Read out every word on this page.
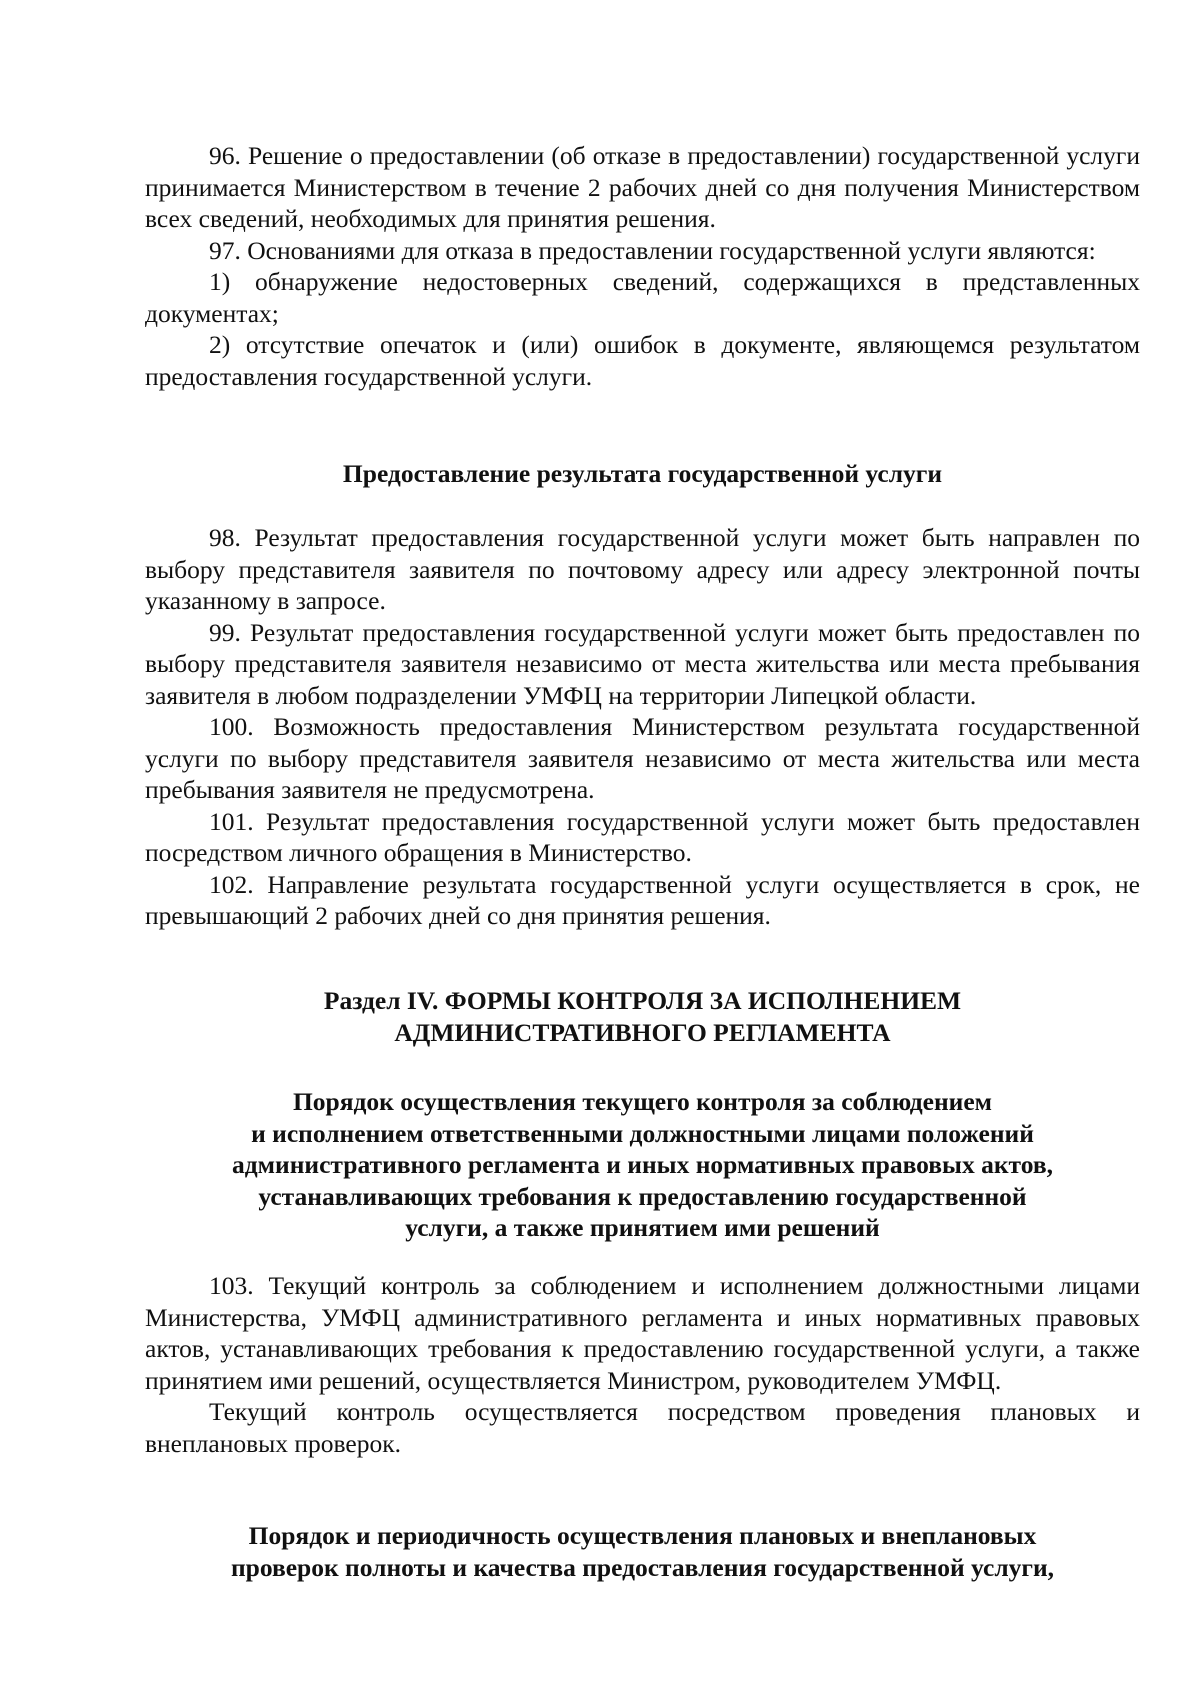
96. Решение о предоставлении (об отказе в предоставлении) государственной услуги принимается Министерством в течение 2 рабочих дней со дня получения Министерством всех сведений, необходимых для принятия решения.

97. Основаниями для отказа в предоставлении государственной услуги являются:

1) обнаружение недостоверных сведений, содержащихся в представленных документах;

2) отсутствие опечаток и (или) ошибок в документе, являющемся результатом предоставления государственной услуги.

Предоставление результата государственной услуги

98. Результат предоставления государственной услуги может быть направлен по выбору представителя заявителя по почтовому адресу или адресу электронной почты указанному в запросе.

99. Результат предоставления государственной услуги может быть предоставлен по выбору представителя заявителя независимо от места жительства или места пребывания заявителя в любом подразделении УМФЦ на территории Липецкой области.

100. Возможность предоставления Министерством результата государственной услуги по выбору представителя заявителя независимо от места жительства или места пребывания заявителя не предусмотрена.

101. Результат предоставления государственной услуги может быть предоставлен посредством личного обращения в Министерство.

102. Направление результата государственной услуги осуществляется в срок, не превышающий 2 рабочих дней со дня принятия решения.

Раздел IV. ФОРМЫ КОНТРОЛЯ ЗА ИСПОЛНЕНИЕМ
АДМИНИСТРАТИВНОГО РЕГЛАМЕНТА
Порядок осуществления текущего контроля за соблюдением
и исполнением ответственными должностными лицами положений
административного регламента и иных нормативных правовых актов,
устанавливающих требования к предоставлению государственной
услуги, а также принятием ими решений

103. Текущий контроль за соблюдением и исполнением должностными лицами Министерства, УМФЦ административного регламента и иных нормативных правовых актов, устанавливающих требования к предоставлению государственной услуги, а также принятием ими решений, осуществляется Министром, руководителем УМФЦ.

Текущий контроль осуществляется посредством проведения плановых и внеплановых проверок.

Порядок и периодичность осуществления плановых и внеплановых
проверок полноты и качества предоставления государственной услуги,
